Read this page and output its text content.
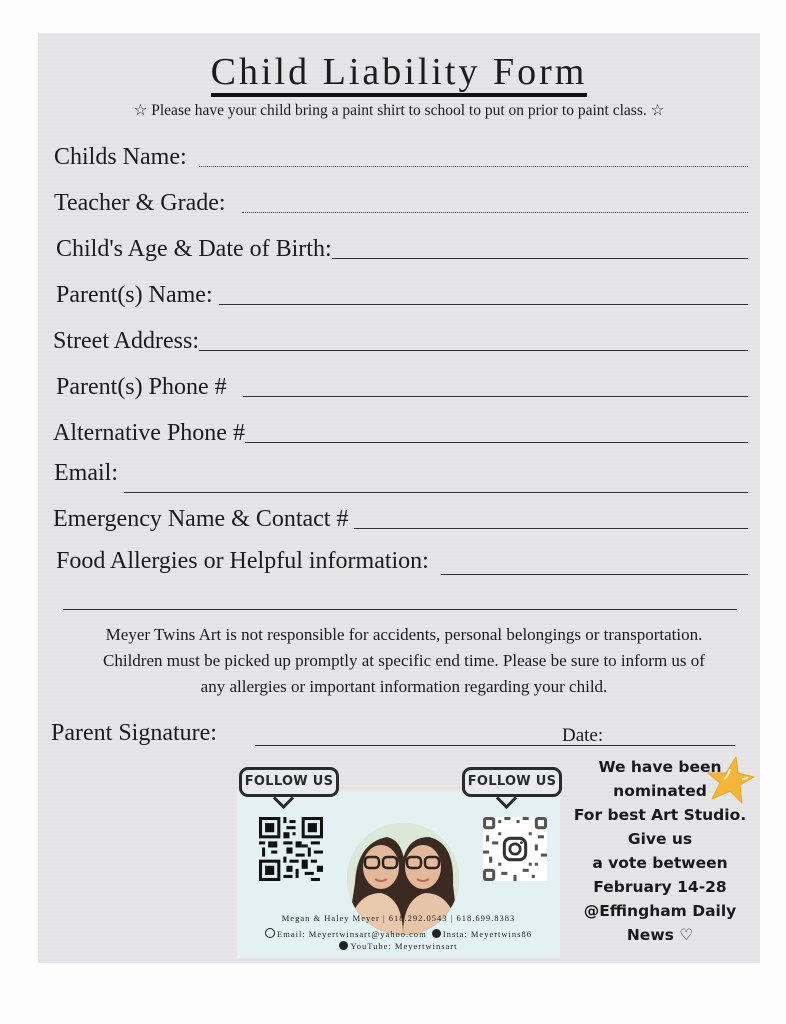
Child Liability Form
☆ Please have your child bring a paint shirt to school to put on prior to paint class. ☆
Childs Name:
Teacher & Grade:
Child's Age & Date of Birth:
Parent(s) Name:
Street Address:
Parent(s) Phone #
Alternative Phone #
Email:
Emergency Name & Contact #
Food Allergies or Helpful information:
Meyer Twins Art is not responsible for accidents, personal belongings or transportation.
Children must be picked up promptly at specific end time. Please be sure to inform us of
any allergies or important information regarding your child.
Parent Signature:	Date:
FOLLOW US	FOLLOW US
Megan & Haley Meyer | 618.292.0543 | 618.699.8383
Email: Meyertwinsart@yahoo.com Insta: Meyertwins86
YouTube: Meyertwinsart
We have been
nominated
For best Art Studio.
Give us
a vote between
February 14-28
@Effingham Daily
News ♡
